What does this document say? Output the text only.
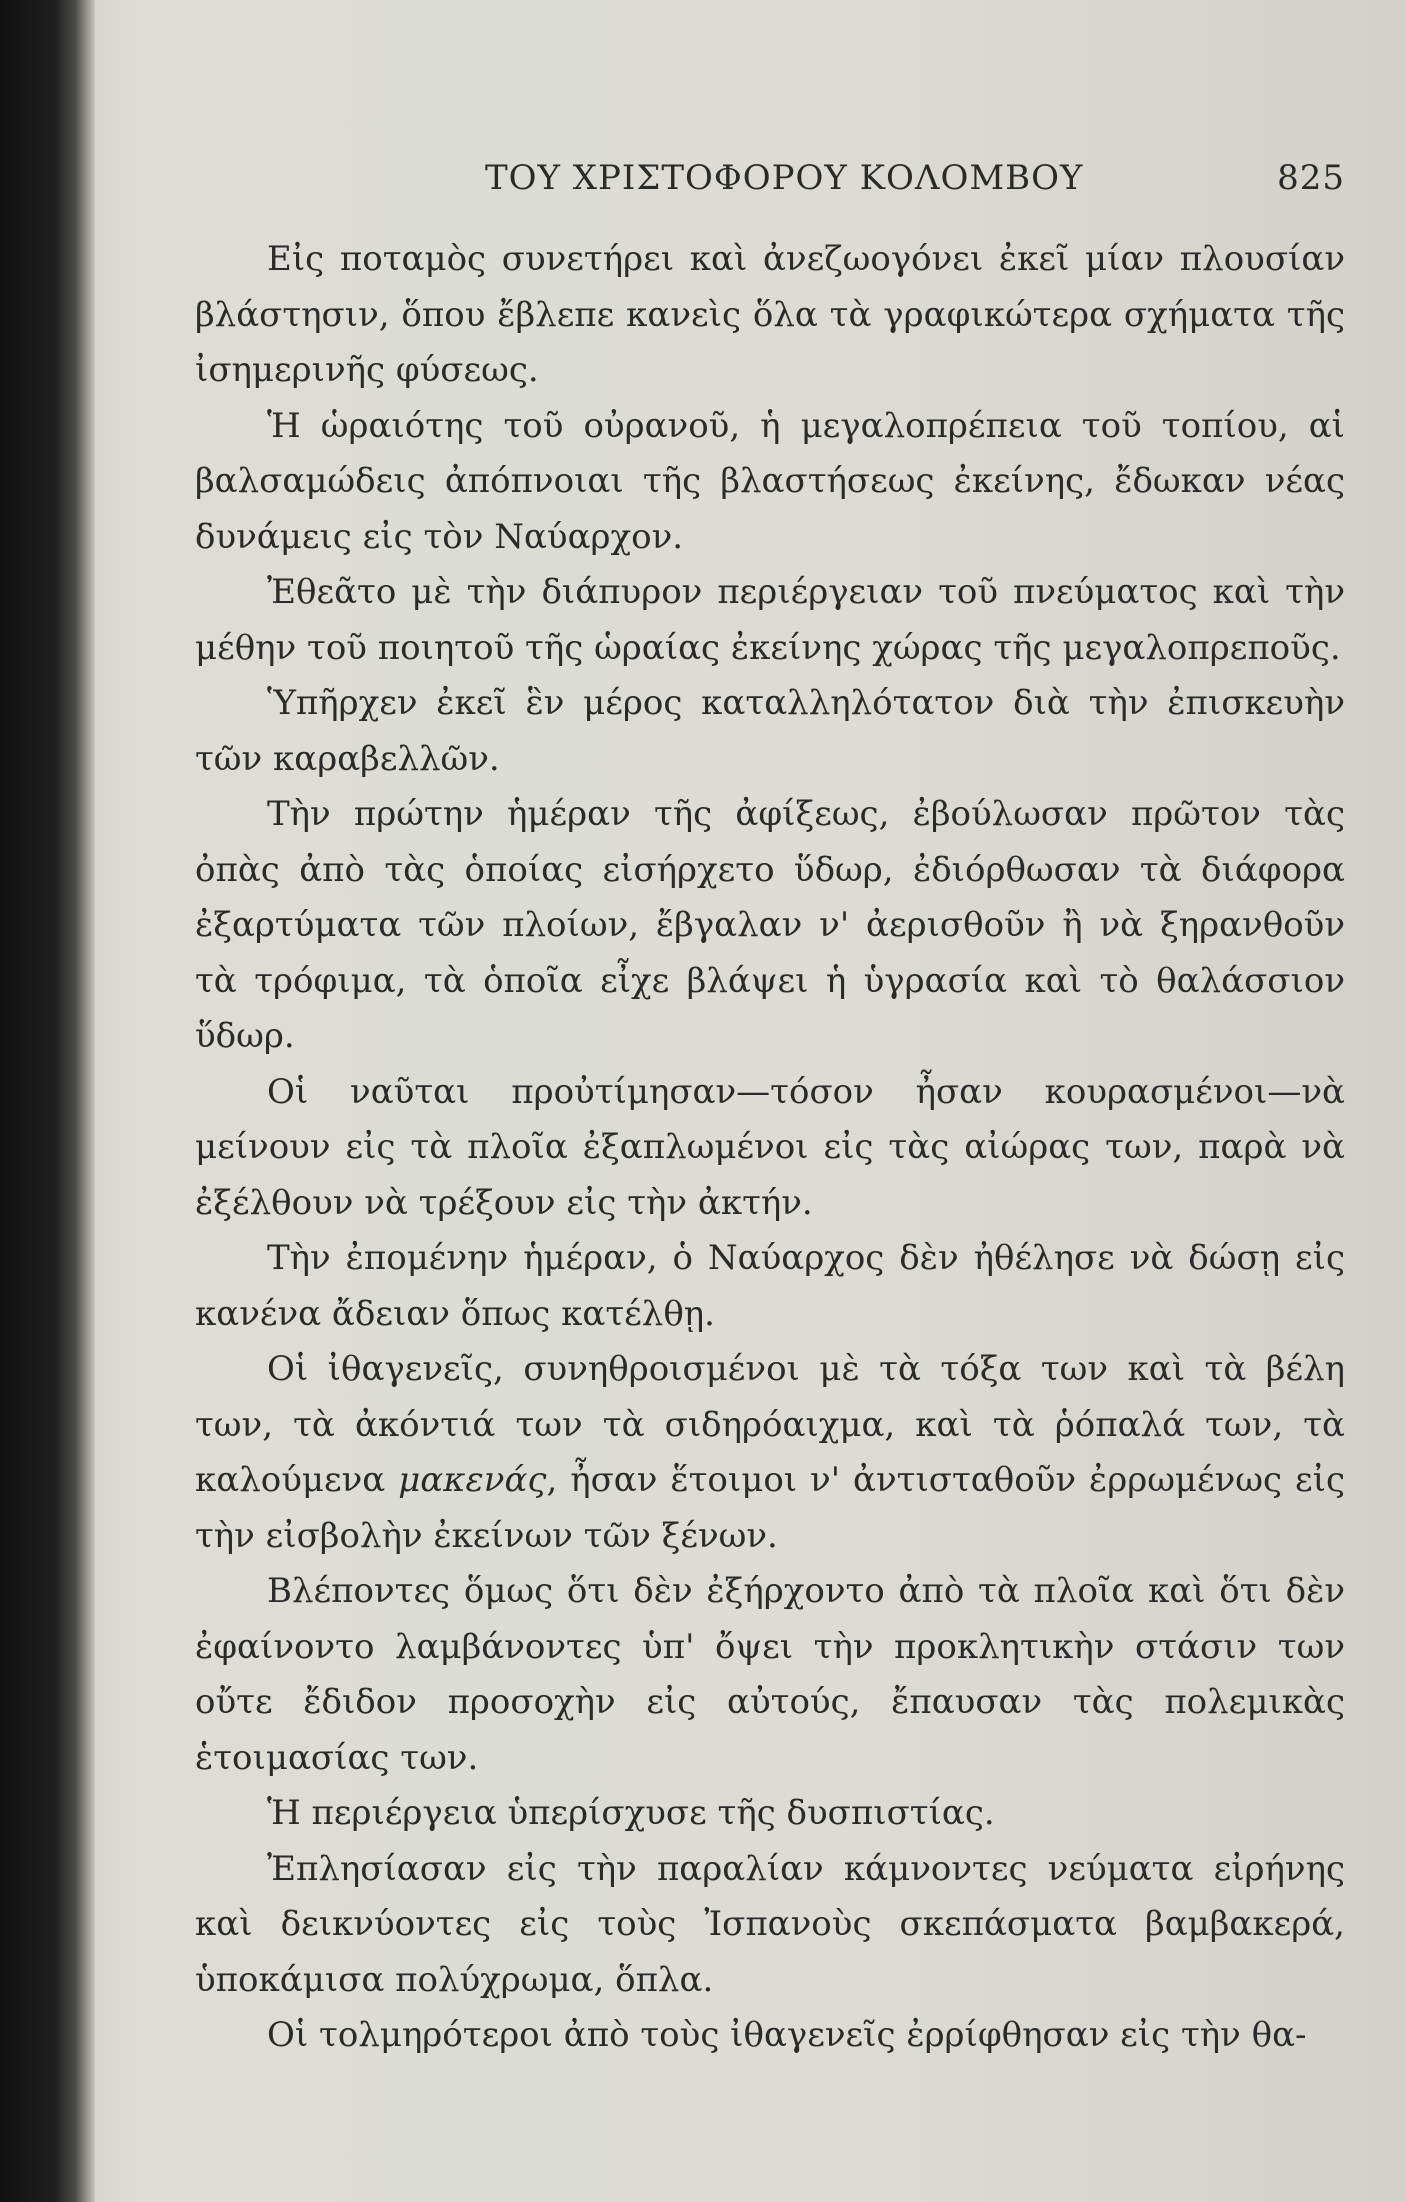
ΤΟΥ ΧΡΙΣΤΟΦΟΡΟΥ ΚΟΛΟΜΒΟΥ	825

Εἰς ποταμὸς συνετήρει καὶ ἀνεζωογόνει ἐκεῖ μίαν πλουσίαν βλάστησιν, ὅπου ἔβλεπε κανεὶς ὅλα τὰ γραφικώτερα σχήματα τῆς ἰσημερινῆς φύσεως.

Ἡ ὡραιότης τοῦ οὐρανοῦ, ἡ μεγαλοπρέπεια τοῦ τοπίου, αἱ βαλσαμώδεις ἀπόπνοιαι τῆς βλαστήσεως ἐκείνης, ἔδωκαν νέας δυνάμεις εἰς τὸν Ναύαρχον.

Ἐθεᾶτο μὲ τὴν διάπυρον περιέργειαν τοῦ πνεύματος καὶ τὴν μέθην τοῦ ποιητοῦ τῆς ὡραίας ἐκείνης χώρας τῆς μεγαλοπρεποῦς.

Ὑπῆρχεν ἐκεῖ ἓν μέρος καταλληλότατον διὰ τὴν ἐπισκευὴν τῶν καραβελλῶν.

Τὴν πρώτην ἡμέραν τῆς ἀφίξεως, ἐβούλωσαν πρῶτον τὰς ὀπὰς ἀπὸ τὰς ὁποίας εἰσήρχετο ὕδωρ, ἐδιόρθωσαν τὰ διάφορα ἐξαρτύματα τῶν πλοίων, ἔβγαλαν ν' ἀερισθοῦν ἢ νὰ ξηρανθοῦν τὰ τρόφιμα, τὰ ὁποῖα εἶχε βλάψει ἡ ὑγρασία καὶ τὸ θαλάσσιον ὕδωρ.

Οἱ ναῦται προὐτίμησαν—τόσον ἦσαν κουρασμένοι—νὰ μείνουν εἰς τὰ πλοῖα ἐξαπλωμένοι εἰς τὰς αἰώρας των, παρὰ νὰ ἐξέλθουν νὰ τρέξουν εἰς τὴν ἀκτήν.

Τὴν ἐπομένην ἡμέραν, ὁ Ναύαρχος δὲν ἠθέλησε νὰ δώσῃ εἰς κανένα ἄδειαν ὅπως κατέλθῃ.

Οἱ ἰθαγενεῖς, συνηθροισμένοι μὲ τὰ τόξα των καὶ τὰ βέλη των, τὰ ἀκόντιά των τὰ σιδηρόαιχμα, καὶ τὰ ῥόπαλά των, τὰ καλούμενα μακενάς, ἦσαν ἕτοιμοι ν' ἀντισταθοῦν ἐρρωμένως εἰς τὴν εἰσβολὴν ἐκείνων τῶν ξένων.

Βλέποντες ὅμως ὅτι δὲν ἐξήρχοντο ἀπὸ τὰ πλοῖα καὶ ὅτι δὲν ἐφαίνοντο λαμβάνοντες ὑπ' ὄψει τὴν προκλητικὴν στάσιν των οὔτε ἔδιδον προσοχὴν εἰς αὐτούς, ἔπαυσαν τὰς πολεμικὰς ἑτοιμασίας των.

Ἡ περιέργεια ὑπερίσχυσε τῆς δυσπιστίας.

Ἐπλησίασαν εἰς τὴν παραλίαν κάμνοντες νεύματα εἰρήνης καὶ δεικνύοντες εἰς τοὺς Ἰσπανοὺς σκεπάσματα βαμβακερά, ὑποκάμισα πολύχρωμα, ὅπλα.

Οἱ τολμηρότεροι ἀπὸ τοὺς ἰθαγενεῖς ἐρρίφθησαν εἰς τὴν θα-
